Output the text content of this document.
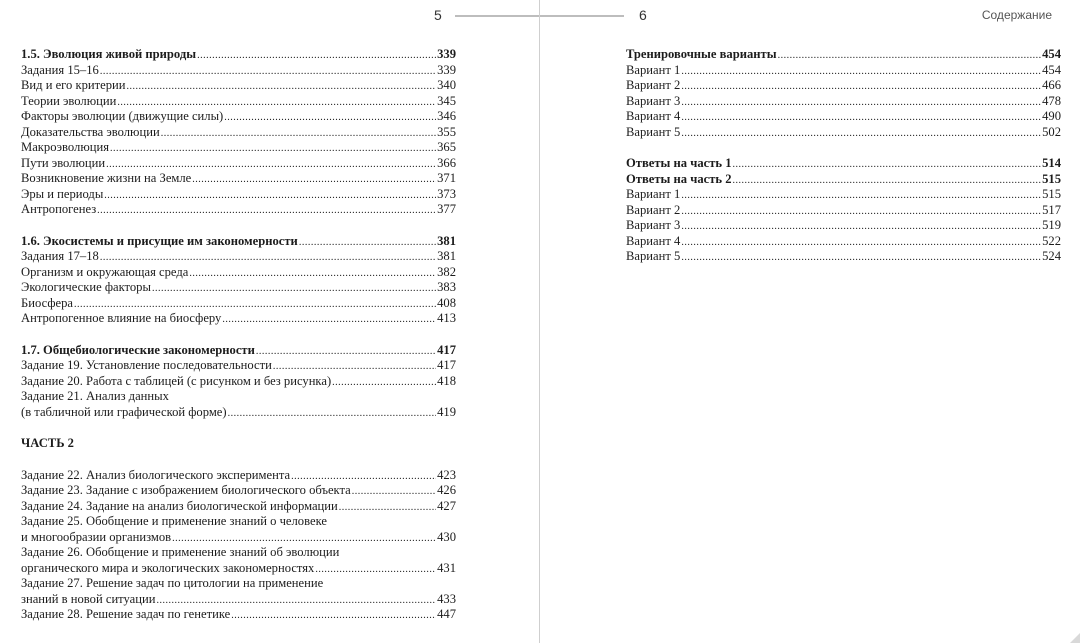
5	6	Содержание
1.5. Эволюция живой природы .....	339
Задания 15–16 .....	339
Вид и его критерии .....	340
Теории эволюции .....	345
Факторы эволюции (движущие силы) .....	346
Доказательства эволюции .....	355
Макроэволюция .....	365
Пути эволюции .....	366
Возникновение жизни на Земле .....	371
Эры и периоды .....	373
Антропогенез .....	377
1.6. Экосистемы и присущие им закономерности .....	381
Задания 17–18 .....	381
Организм и окружающая среда .....	382
Экологические факторы .....	383
Биосфера .....	408
Антропогенное влияние на биосферу .....	413
1.7. Общебиологические закономерности .....	417
Задание 19. Установление последовательности .....	417
Задание 20. Работа с таблицей (с рисунком и без рисунка) .....	418
Задание 21. Анализ данных
(в табличной или графической форме) .....	419
ЧАСТЬ 2
Задание 22. Анализ биологического эксперимента .....	423
Задание 23. Задание с изображением биологического объекта .....	426
Задание 24. Задание на анализ биологической информации .....	427
Задание 25. Обобщение и применение знаний о человеке
и многообразии организмов .....	430
Задание 26. Обобщение и применение знаний об эволюции
органического мира и экологических закономерностях .....	431
Задание 27. Решение задач по цитологии на применение
знаний в новой ситуации .....	433
Задание 28. Решение задач по генетике .....	447
Тренировочные варианты .....	454
Вариант 1 .....	454
Вариант 2 .....	466
Вариант 3 .....	478
Вариант 4 .....	490
Вариант 5 .....	502
Ответы на часть 1 .....	514
Ответы на часть 2 .....	515
Вариант 1 .....	515
Вариант 2 .....	517
Вариант 3 .....	519
Вариант 4 .....	522
Вариант 5 .....	524
